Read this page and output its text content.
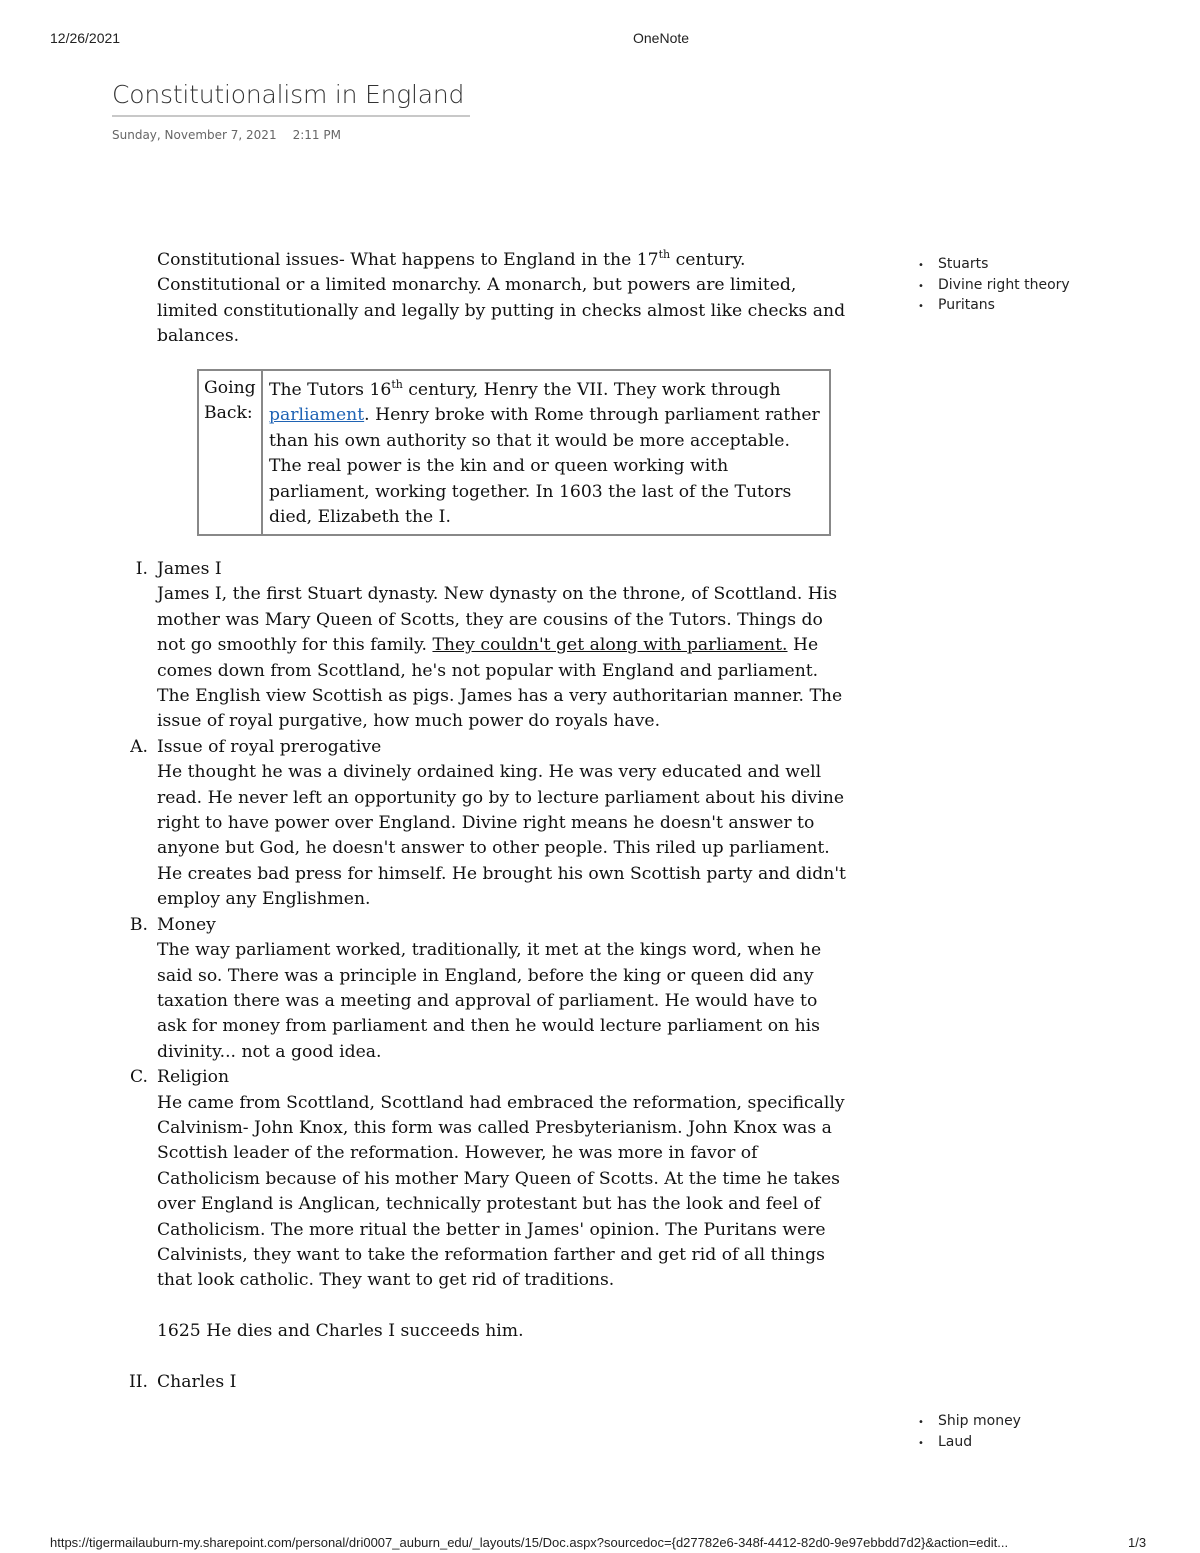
12/26/2021	OneNote
Constitutionalism in England
Sunday, November 7, 2021 2:11 PM
• Stuarts
• Divine right theory
• Puritans
• Ship money
• Laud

Constitutional issues- What happens to England in the 17th century. Constitutional or a limited monarchy. A monarch, but powers are limited, limited constitutionally and legally by putting in checks almost like checks and balances.

Going Back:
The Tutors 16th century, Henry the VII. They work through parliament. Henry broke with Rome through parliament rather than his own authority so that it would be more acceptable. The real power is the kin and or queen working with parliament, working together. In 1603 the last of the Tutors died, Elizabeth the I.
I. James I
James I, the first Stuart dynasty. New dynasty on the throne, of Scottland. His mother was Mary Queen of Scotts, they are cousins of the Tutors. Things do not go smoothly for this family. They couldn't get along with parliament. He comes down from Scottland, he's not popular with England and parliament. The English view Scottish as pigs. James has a very authoritarian manner. The issue of royal purgative, how much power do royals have.
A. Issue of royal prerogative
He thought he was a divinely ordained king. He was very educated and well read. He never left an opportunity go by to lecture parliament about his divine right to have power over England. Divine right means he doesn't answer to anyone but God, he doesn't answer to other people. This riled up parliament. He creates bad press for himself. He brought his own Scottish party and didn't employ any Englishmen.
B. Money
The way parliament worked, traditionally, it met at the kings word, when he said so. There was a principle in England, before the king or queen did any taxation there was a meeting and approval of parliament. He would have to ask for money from parliament and then he would lecture parliament on his divinity... not a good idea.
C. Religion
He came from Scottland, Scottland had embraced the reformation, specifically Calvinism- John Knox, this form was called Presbyterianism. John Knox was a Scottish leader of the reformation. However, he was more in favor of Catholicism because of his mother Mary Queen of Scotts. At the time he takes over England is Anglican, technically protestant but has the look and feel of Catholicism. The more ritual the better in James' opinion. The Puritans were Calvinists, they want to take the reformation farther and get rid of all things that look catholic. They want to get rid of traditions.
1625 He dies and Charles I succeeds him.
II. Charles I
https://tigermailauburn-my.sharepoint.com/personal/dri0007_auburn_edu/_layouts/15/Doc.aspx?sourcedoc={d27782e6-348f-4412-82d0-9e97ebbdd7d2}&action=edit...	1/3
